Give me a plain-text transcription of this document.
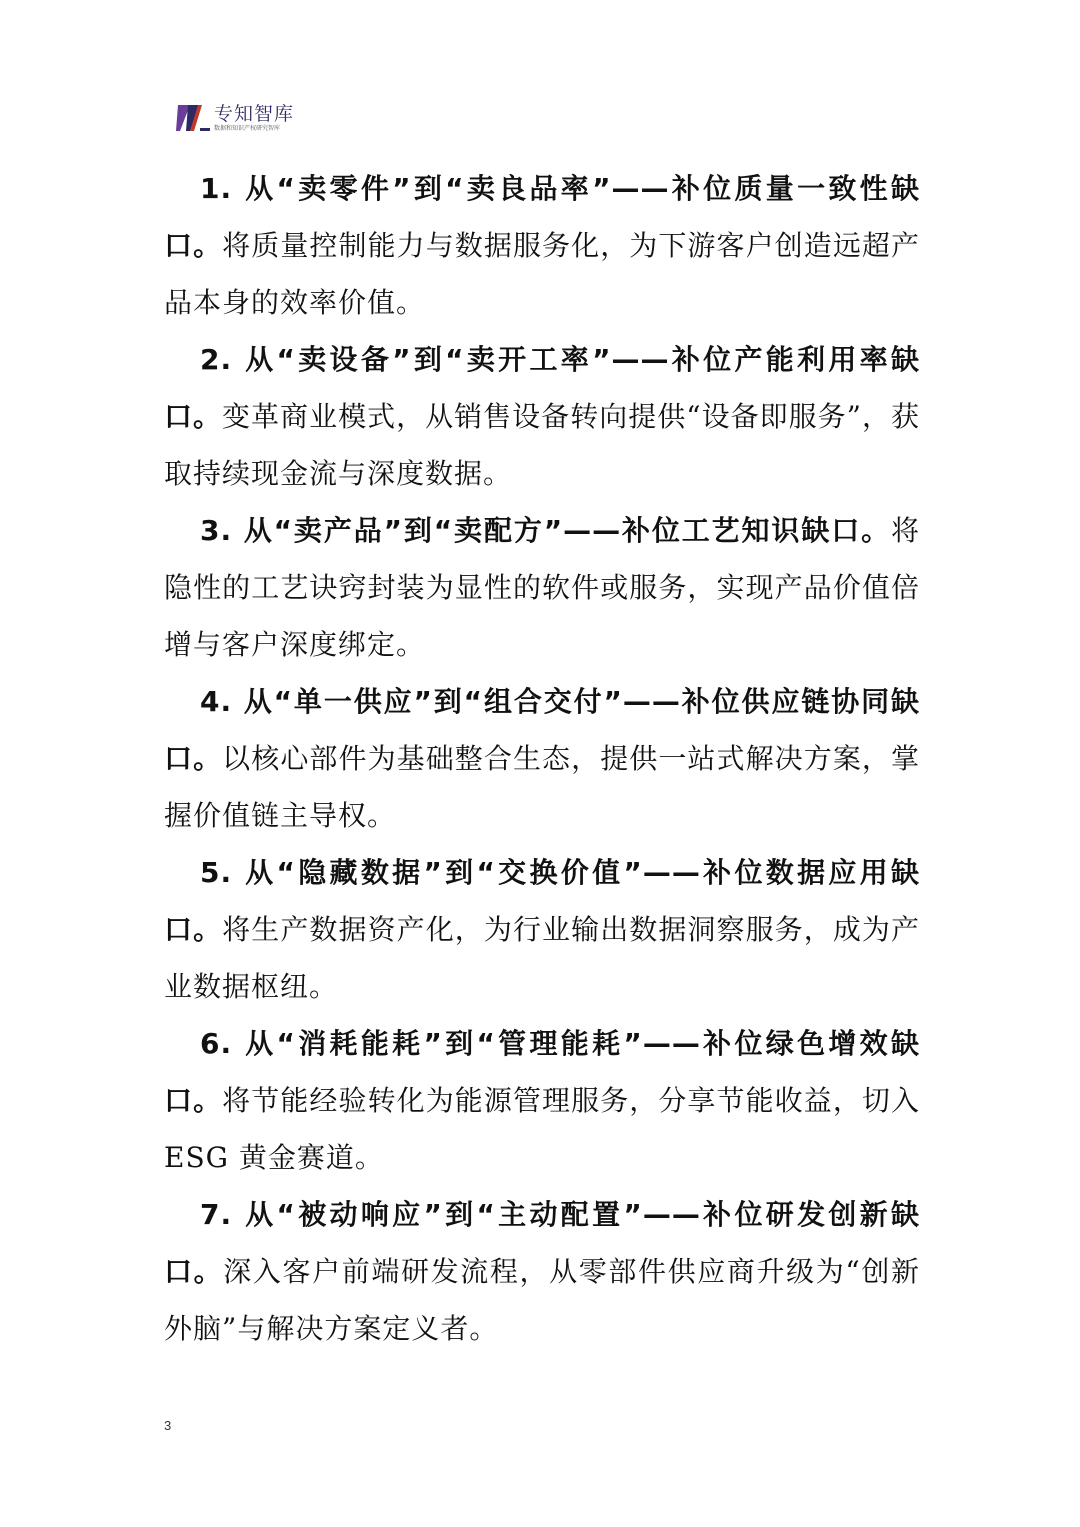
专知智库
数据和知识产权研究智库

1. 从“卖零件”到“卖良品率”——补位质量一致性缺口。将质量控制能力与数据服务化，为下游客户创造远超产品本身的效率价值。

2. 从“卖设备”到“卖开工率”——补位产能利用率缺口。变革商业模式，从销售设备转向提供“设备即服务”，获取持续现金流与深度数据。

3. 从“卖产品”到“卖配方”——补位工艺知识缺口。将隐性的工艺诀窍封装为显性的软件或服务，实现产品价值倍增与客户深度绑定。

4. 从“单一供应”到“组合交付”——补位供应链协同缺口。以核心部件为基础整合生态，提供一站式解决方案，掌握价值链主导权。

5. 从“隐藏数据”到“交换价值”——补位数据应用缺口。将生产数据资产化，为行业输出数据洞察服务，成为产业数据枢纽。

6. 从“消耗能耗”到“管理能耗”——补位绿色增效缺口。将节能经验转化为能源管理服务，分享节能收益，切入ESG 黄金赛道。

7. 从“被动响应”到“主动配置”——补位研发创新缺口。深入客户前端研发流程，从零部件供应商升级为“创新外脑”与解决方案定义者。

3
